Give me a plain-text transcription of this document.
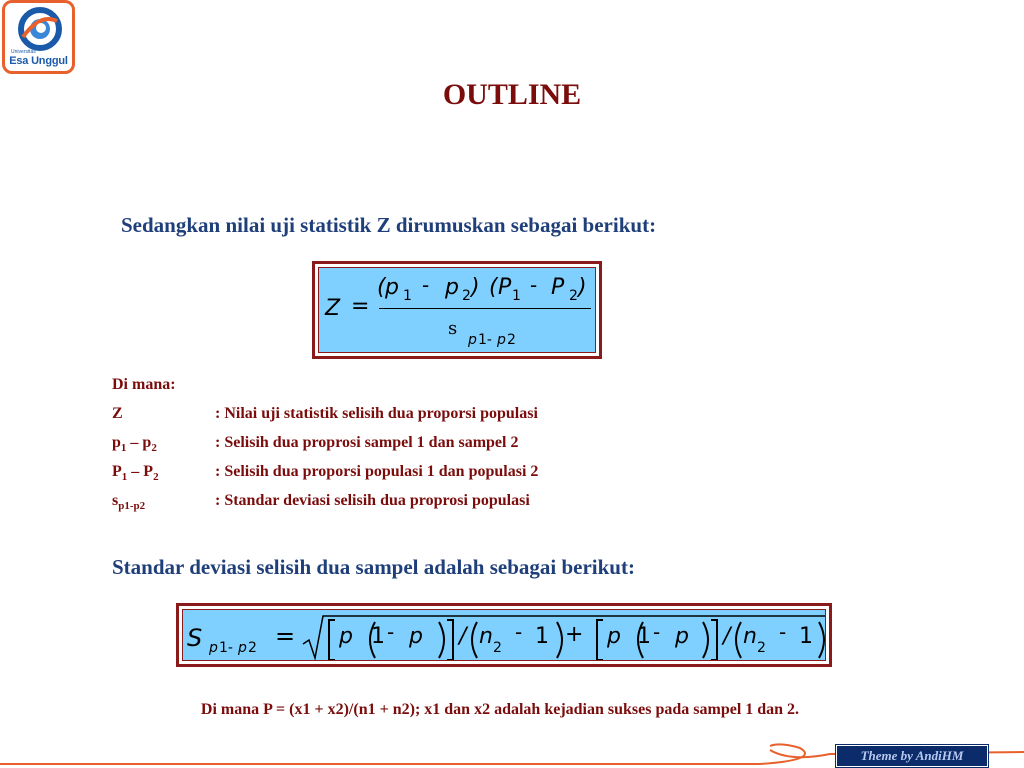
Universitas
Esa Unggul
OUTLINE
Sedangkan nilai uji statistik Z dirumuskan sebagai berikut:
Z =
( p 1 - p 2 ) ( P 1 - P 2 )
s
p 1- p 2
Di mana:
Z	: Nilai uji statistik selisih dua proporsi populasi
$p_1 - p_2$	: Selisih dua proprosi sampel 1 dan sampel 2
$P_1 - P_2$	: Selisih dua proporsi populasi 1 dan populasi 2
$s_{p1-p2}$	: Standar deviasi selisih dua proprosi populasi
Standar deviasi selisih dua sampel adalah sebagai berikut:
S p 1- p 2 = p 1 - p / n 2
- 1 + p 1 - p / n 2
- 1
Di mana P = (x1 + x2)/(n1 + n2); x1 dan x2 adalah kejadian sukses pada sampel 1 dan 2.
Theme by AndiHM
